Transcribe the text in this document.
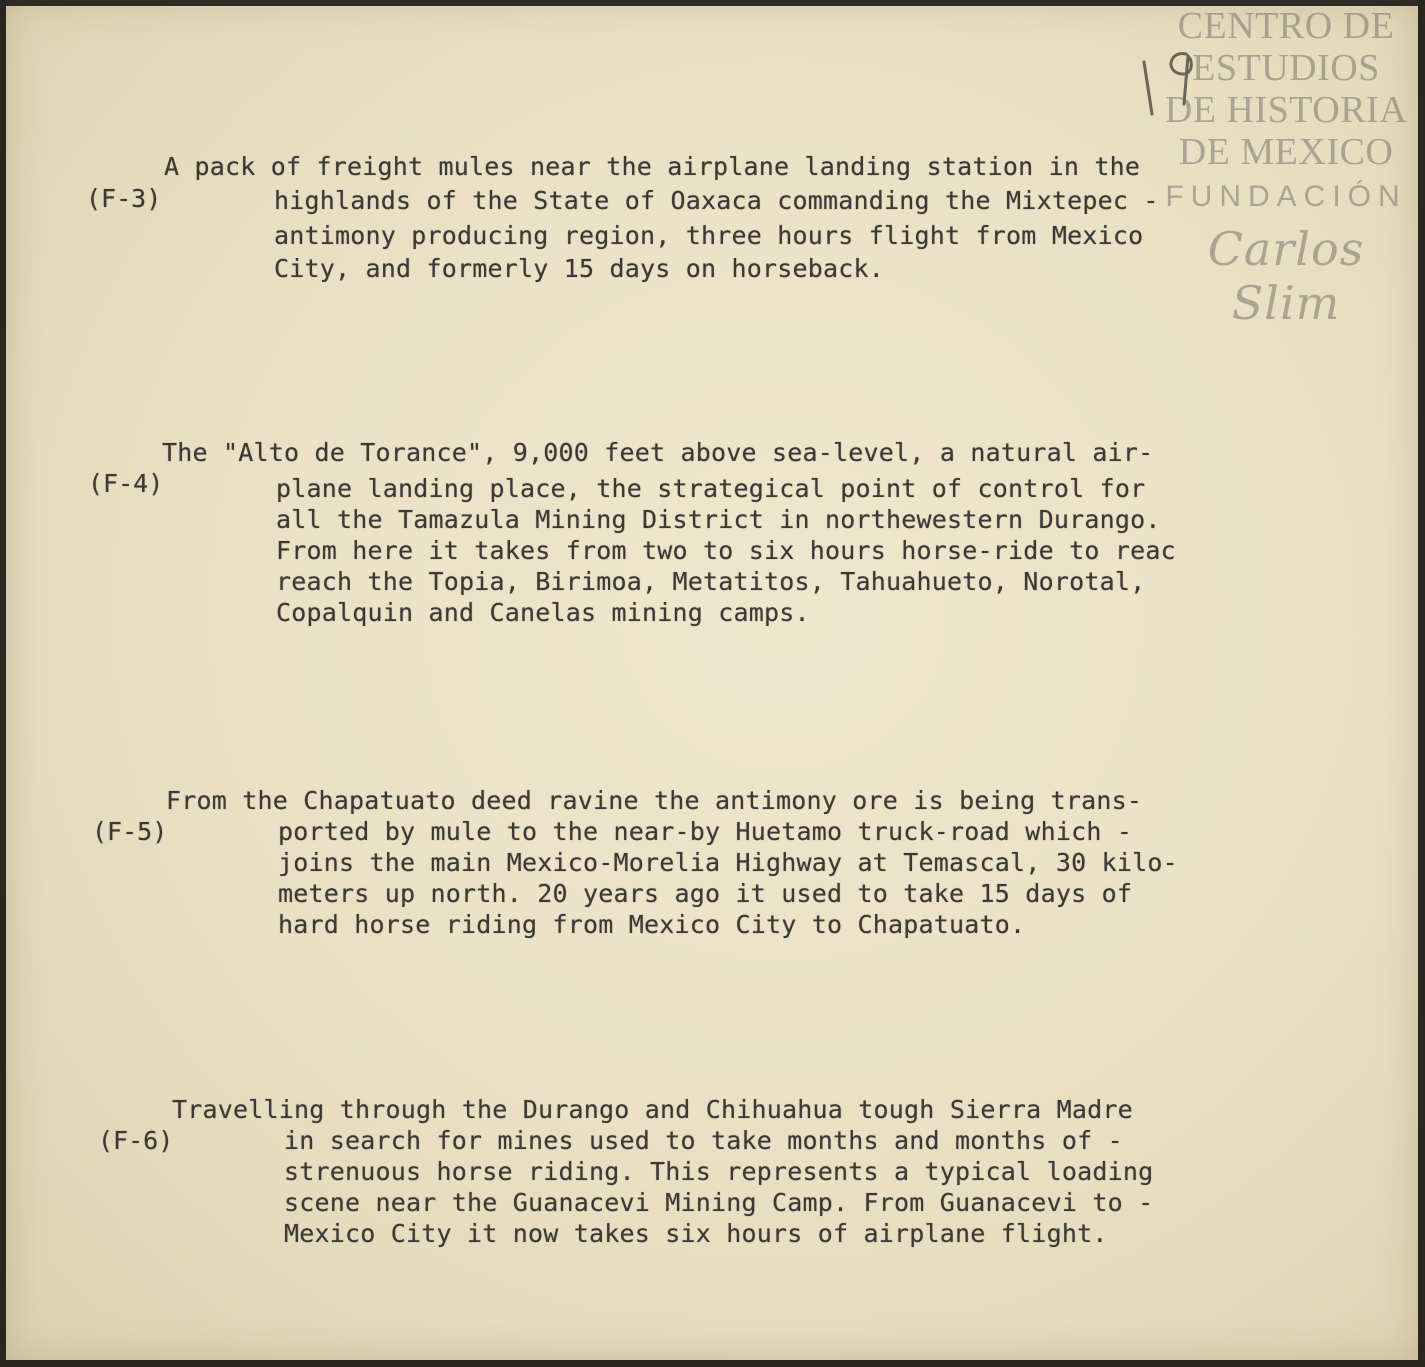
CENTRO DE
ESTUDIOS
DE HISTORIA
DE MEXICO
FUNDACIÓN
Carlos Slim
A pack of freight mules near the airplane landing station in the
(F-3)	highlands of the State of Oaxaca commanding the Mixtepec -
antimony producing region, three hours flight from Mexico
City, and formerly 15 days on horseback.
The "Alto de Torance", 9,000 feet above sea-level, a natural air-
(F-4)	plane landing place, the strategical point of control for
all the Tamazula Mining District in northewestern Durango.
From here it takes from two to six hours horse-ride to reac
reach the Topia, Birimoa, Metatitos, Tahuahueto, Norotal,
Copalquin and Canelas mining camps.
From the Chapatuato deed ravine the antimony ore is being trans-
(F-5)	ported by mule to the near-by Huetamo truck-road which -
joins the main Mexico-Morelia Highway at Temascal, 30 kilo-
meters up north. 20 years ago it used to take 15 days of
hard horse riding from Mexico City to Chapatuato.
Travelling through the Durango and Chihuahua tough Sierra Madre
(F-6)	in search for mines used to take months and months of -
strenuous horse riding. This represents a typical loading
scene near the Guanacevi Mining Camp. From Guanacevi to -
Mexico City it now takes six hours of airplane flight.
